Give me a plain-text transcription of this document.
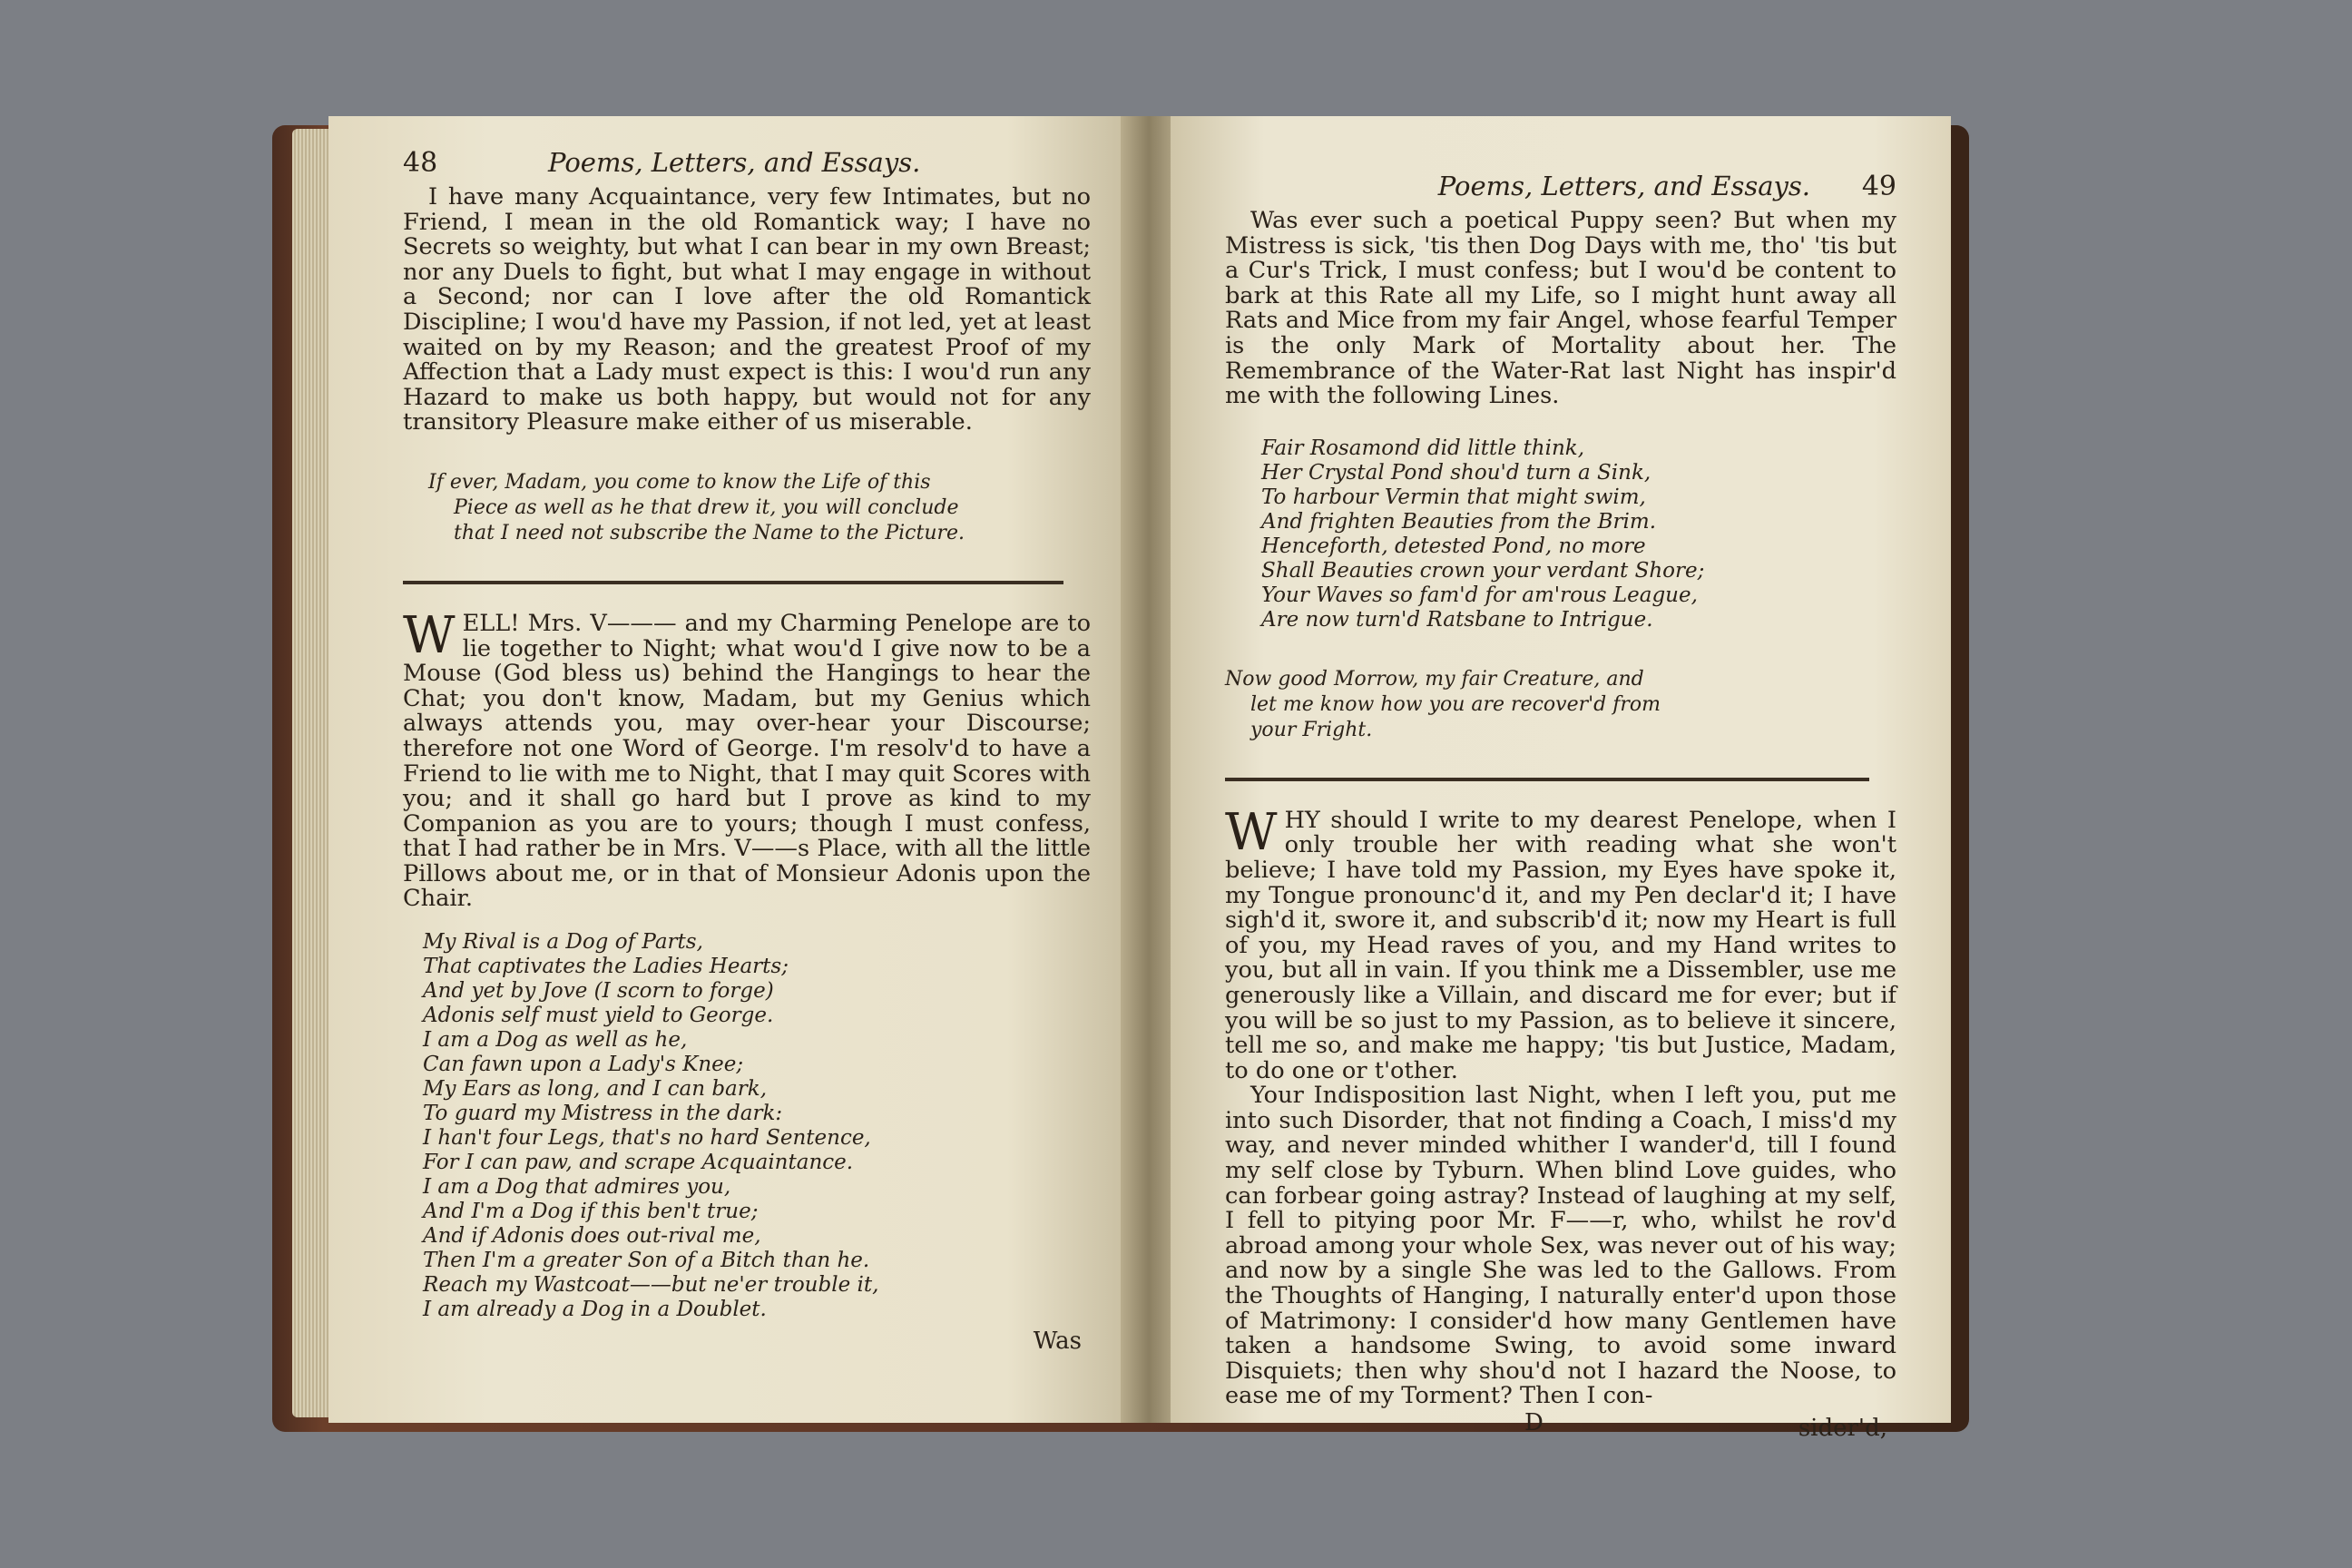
48	Poems, Letters, and Essays.

I have many Acquaintance, very few Intimates, but no Friend, I mean in the old Romantick way; I have no Secrets so weighty, but what I can bear in my own Breast; nor any Duels to fight, but what I may engage in without a Second; nor can I love after the old Romantick Discipline; I wou'd have my Passion, if not led, yet at least waited on by my Reason; and the greatest Proof of my Affection that a Lady must expect is this: I wou'd run any Hazard to make us both happy, but would not for any transitory Pleasure make either of us miserable.

If ever, Madam, you come to know the Life of this
Piece as well as he that drew it, you will conclude
that I need not subscribe the Name to the Picture.

W ELL! Mrs. V——— and my Charming Penelope are to lie together to Night; what wou'd I give now to be a Mouse (God bless us) behind the Hangings to hear the Chat; you don't know, Madam, but my Genius which always attends you, may over-hear your Discourse; therefore not one Word of George. I'm resolv'd to have a Friend to lie with me to Night, that I may quit Scores with you; and it shall go hard but I prove as kind to my Companion as you are to yours; though I must confess, that I had rather be in Mrs. V——s Place, with all the little Pillows about me, or in that of Monsieur Adonis upon the Chair.

My Rival is a Dog of Parts,
That captivates the Ladies Hearts;
And yet by Jove (I scorn to forge)
Adonis self must yield to George.
I am a Dog as well as he,
Can fawn upon a Lady's Knee;
My Ears as long, and I can bark,
To guard my Mistress in the dark:
I han't four Legs, that's no hard Sentence,
For I can paw, and scrape Acquaintance.
I am a Dog that admires you,
And I'm a Dog if this ben't true;
And if Adonis does out-rival me,
Then I'm a greater Son of a Bitch than he.
Reach my Wastcoat——but ne'er trouble it,
I am already a Dog in a Doublet.
Was
Poems, Letters, and Essays. 49

Was ever such a poetical Puppy seen? But when my Mistress is sick, 'tis then Dog Days with me, tho' 'tis but a Cur's Trick, I must confess; but I wou'd be content to bark at this Rate all my Life, so I might hunt away all Rats and Mice from my fair Angel, whose fearful Temper is the only Mark of Mortality about her. The Remembrance of the Water-Rat last Night has inspir'd me with the following Lines.

Fair Rosamond did little think,
Her Crystal Pond shou'd turn a Sink,
To harbour Vermin that might swim,
And frighten Beauties from the Brim.
Henceforth, detested Pond, no more
Shall Beauties crown your verdant Shore;
Your Waves so fam'd for am'rous League,
Are now turn'd Ratsbane to Intrigue.
Now good Morrow, my fair Creature, and
let me know how you are recover'd from
your Fright.

W HY should I write to my dearest Penelope, when I only trouble her with reading what she won't believe; I have told my Passion, my Eyes have spoke it, my Tongue pronounc'd it, and my Pen declar'd it; I have sigh'd it, swore it, and subscrib'd it; now my Heart is full of you, my Head raves of you, and my Hand writes to you, but all in vain. If you think me a Dissembler, use me generously like a Villain, and discard me for ever; but if you will be so just to my Passion, as to believe it sincere, tell me so, and make me happy; 'tis but Justice, Madam, to do one or t'other.

Your Indisposition last Night, when I left you, put me into such Disorder, that not finding a Coach, I miss'd my way, and never minded whither I wander'd, till I found my self close by Tyburn. When blind Love guides, who can forbear going astray? Instead of laughing at my self, I fell to pitying poor Mr. F——r, who, whilst he rov'd abroad among your whole Sex, was never out of his way; and now by a single She was led to the Gallows. From the Thoughts of Hanging, I naturally enter'd upon those of Matrimony: I consider'd how many Gentlemen have taken a handsome Swing, to avoid some inward Disquiets; then why shou'd not I hazard the Noose, to ease me of my Torment? Then I con-

D	sider'd,
